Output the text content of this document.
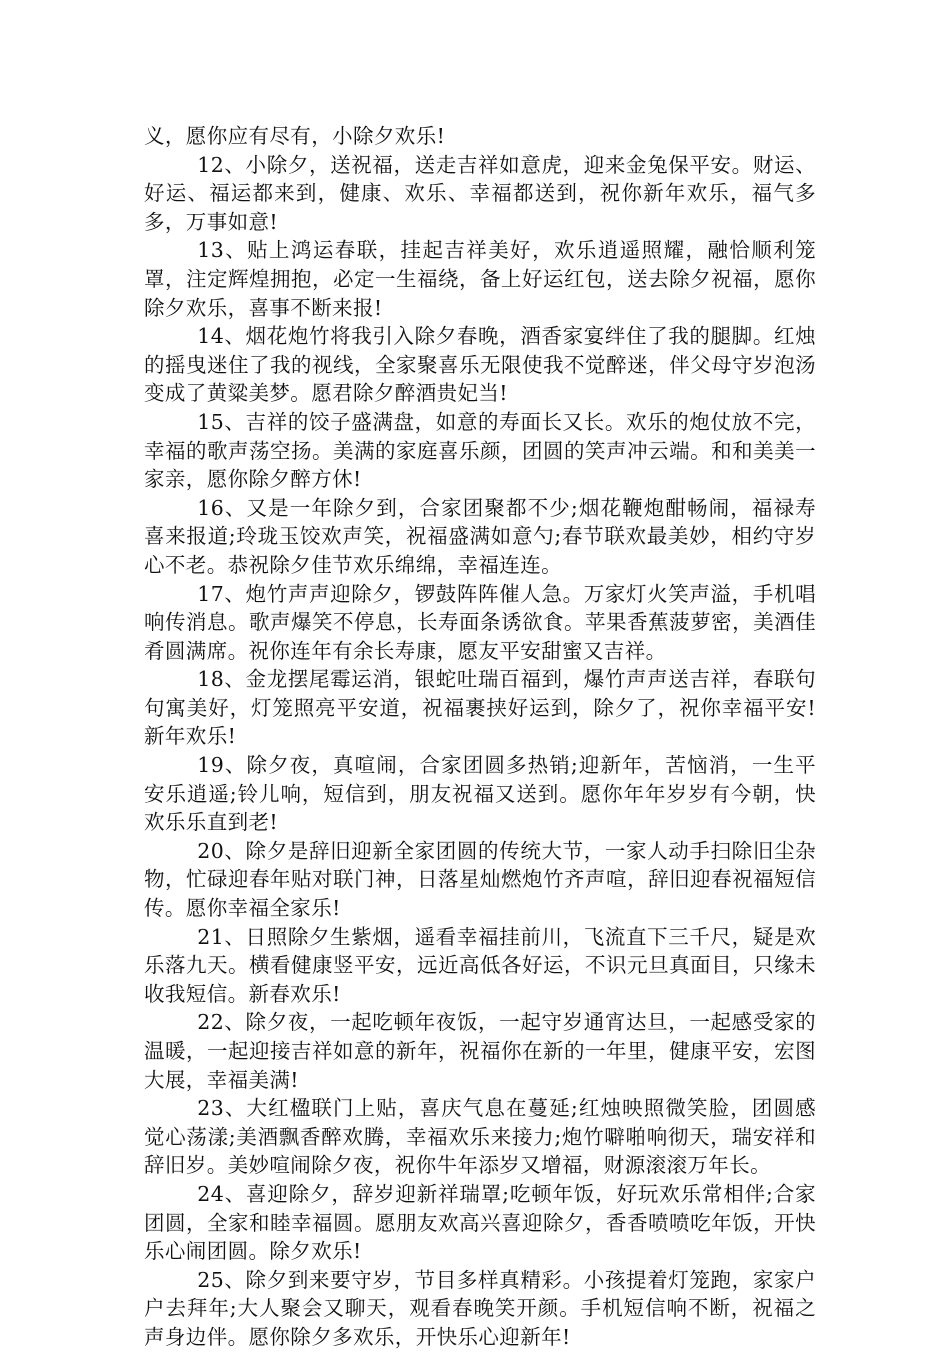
义，愿你应有尽有，小除夕欢乐!

12、小除夕，送祝福，送走吉祥如意虎，迎来金兔保平安。财运、好运、福运都来到，健康、欢乐、幸福都送到，祝你新年欢乐，福气多多，万事如意!

13、贴上鸿运春联，挂起吉祥美好，欢乐逍遥照耀，融恰顺利笼罩，注定辉煌拥抱，必定一生福绕，备上好运红包，送去除夕祝福，愿你除夕欢乐，喜事不断来报!

14、烟花炮竹将我引入除夕春晚，酒香家宴绊住了我的腿脚。红烛的摇曳迷住了我的视线，全家聚喜乐无限使我不觉醉迷，伴父母守岁泡汤变成了黄粱美梦。愿君除夕醉酒贵妃当!

15、吉祥的饺子盛满盘，如意的寿面长又长。欢乐的炮仗放不完，幸福的歌声荡空扬。美满的家庭喜乐颜，团圆的笑声冲云端。和和美美一家亲，愿你除夕醉方休!

16、又是一年除夕到，合家团聚都不少;烟花鞭炮酣畅闹，福禄寿喜来报道;玲珑玉饺欢声笑，祝福盛满如意勺;春节联欢最美妙，相约守岁心不老。恭祝除夕佳节欢乐绵绵，幸福连连。

17、炮竹声声迎除夕，锣鼓阵阵催人急。万家灯火笑声溢，手机唱响传消息。歌声爆笑不停息，长寿面条诱欲食。苹果香蕉菠萝密，美酒佳肴圆满席。祝你连年有余长寿康，愿友平安甜蜜又吉祥。

18、金龙摆尾霉运消，银蛇吐瑞百福到，爆竹声声送吉祥，春联句句寓美好，灯笼照亮平安道，祝福裹挟好运到，除夕了，祝你幸福平安!新年欢乐!

19、除夕夜，真喧闹，合家团圆多热销;迎新年，苦恼消，一生平安乐逍遥;铃儿响，短信到，朋友祝福又送到。愿你年年岁岁有今朝，快欢乐乐直到老!

20、除夕是辞旧迎新全家团圆的传统大节，一家人动手扫除旧尘杂物，忙碌迎春年贴对联门神，日落星灿燃炮竹齐声喧，辞旧迎春祝福短信传。愿你幸福全家乐!

21、日照除夕生紫烟，遥看幸福挂前川，飞流直下三千尺，疑是欢乐落九天。横看健康竖平安，远近高低各好运，不识元旦真面目，只缘未收我短信。新春欢乐!

22、除夕夜，一起吃顿年夜饭，一起守岁通宵达旦，一起感受家的温暖，一起迎接吉祥如意的新年，祝福你在新的一年里，健康平安，宏图大展，幸福美满!

23、大红楹联门上贴，喜庆气息在蔓延;红烛映照微笑脸，团圆感觉心荡漾;美酒飘香醉欢腾，幸福欢乐来接力;炮竹噼啪响彻天，瑞安祥和辞旧岁。美妙喧闹除夕夜，祝你牛年添岁又增福，财源滚滚万年长。

24、喜迎除夕，辞岁迎新祥瑞罩;吃顿年饭，好玩欢乐常相伴;合家团圆，全家和睦幸福圆。愿朋友欢高兴喜迎除夕，香香喷喷吃年饭，开快乐心闹团圆。除夕欢乐!

25、除夕到来要守岁，节目多样真精彩。小孩提着灯笼跑，家家户户去拜年;大人聚会又聊天，观看春晚笑开颜。手机短信响不断，祝福之声身边伴。愿你除夕多欢乐，开快乐心迎新年!
